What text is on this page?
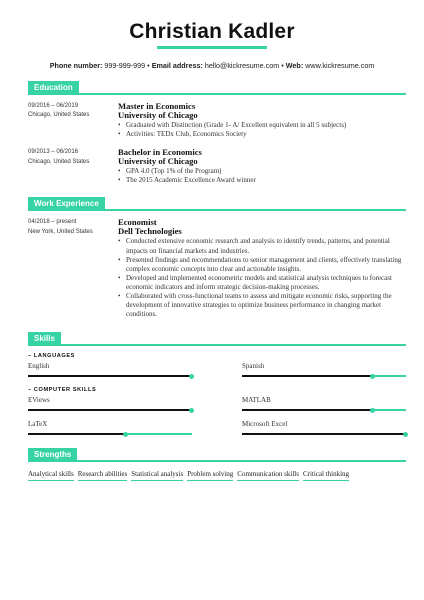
Christian Kadler
Phone number: 999-999-999 • Email address: hello@kickresume.com • Web: www.kickresume.com
Education
09/2016 – 06/2019
Chicago, United States
Master in Economics
University of Chicago
• Graduated with Distinction (Grade 1- A/ Excellent equivalent in all 5 subjects)
• Activities: TEDx Club, Economics Society
09/2013 – 06/2016
Chicago, United States
Bachelor in Economics
University of Chicago
• GPA 4.0 (Top 1% of the Program)
• The 2015 Academic Excellence Award winner
Work Experience
04/2018 – present
New York, United States
Economist
Dell Technologies
• Conducted extensive economic research and analysis to identify trends, patterns, and potential impacts on financial markets and industries.
• Presented findings and recommendations to senior management and clients, effectively translating complex economic concepts into clear and actionable insights.
• Developed and implemented econometric models and statistical analysis techniques to forecast economic indicators and inform strategic decision-making processes.
• Collaborated with cross-functional teams to assess and mitigate economic risks, supporting the development of innovative strategies to optimize business performance in changing market conditions.
Skills
– LANGUAGES
English	Spanish
– COMPUTER SKILLS
EViews	MATLAB
LaTeX	Microsoft Excel
Strengths
Analytical skills Research abilities Statistical analysis Problem solving Communication skills Critical thinking
